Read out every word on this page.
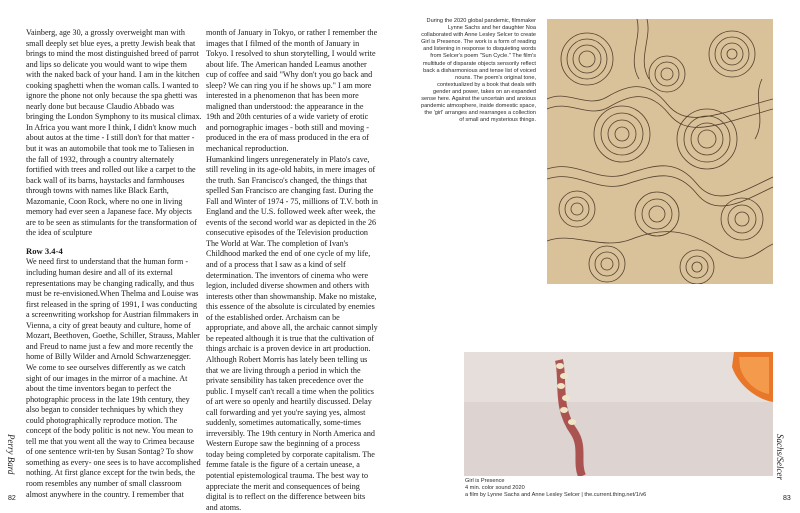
Vainberg, age 30, a grossly overweight man with small deeply set blue eyes, a pretty Jewish beak that brings to mind the most distinguished breed of parrot and lips so delicate you would want to wipe them with the naked back of your hand. I am in the kitchen cooking spaghetti when the woman calls. I wanted to ignore the phone not only because the spa ghetti was nearly done but because Claudio Abbado was bringing the London Symphony to its musical climax.

In Africa you want more I think, I didn't know much about autos at the time - I still don't for that matter - but it was an automobile that took me to Taliesen in the fall of 1932, through a country alternately fortified with trees and rolled out like a carpet to the back wall of its barns, haystacks and farmhouses through towns with names like Black Earth, Mazomanie, Coon Rock, where no one in living memory had ever seen a Japanese face. My objects are to be seen as stimulants for the transformation of the idea of sculpture

Row 3.4-4

We need first to understand that the human form - including human desire and all of its external representations may be changing radically, and thus must be re-envisioned.When Thelma and Louise was first released in the spring of 1991, I was conducting a screenwriting workshop for Austrian filmmakers in Vienna, a city of great beauty and culture, home of Mozart, Beethoven, Goethe, Schiller, Strauss, Mahler and Freud to name just a few and more recently the home of Billy Wilder and Arnold Schwarzenegger. We come to see ourselves differently as we catch sight of our images in the mirror of a machine. At about the time inventors began to perfect the photographic process in the late 19th century, they also began to consider techniques by which they could photographically reproduce motion. The concept of the body politic is not new. You mean to tell me that you went all the way to Crimea because of one sentence writ-ten by Susan Sontag? To show something as every- one sees is to have accomplished nothing. At first glance except for the twin beds, the room resembles any number of small classroom almost anywhere in the country. I remember that

month of January in Tokyo, or rather I remember the images that I filmed of the month of January in Tokyo. I resolved to shun storytelling, I would write about life. The American handed Leamus another cup of coffee and said "Why don't you go back and sleep? We can ring you if he shows up." I am more interested in a phenomenon that has been more maligned than understood: the appearance in the 19th and 20th centuries of a wide variety of erotic and pornographic images - both still and moving -produced in the era of mass produced in the era of mechanical reproduction.

Humankind lingers unregenerately in Plato's cave, still reveling in its age-old habits, in mere images of the truth. San Francisco's changed, the things that spelled San Francisco are changing fast. During the Fall and Winter of 1974 - 75, millions of T.V. both in England and the U.S. followed week after week, the events of the second world war as depicted in the 26 consecutive episodes of the Television production The World at War. The completion of Ivan's Childhood marked the end of one cycle of my life, and of a process that I saw as a kind of self determination. The inventors of cinema who were legion, included diverse showmen and others with interests other than showmanship. Make no mistake, this essence of the absolute is circulated by enemies of the established order. Archaism can be appropriate, and above all, the archaic cannot simply be repeated although it is true that the cultivation of things archaic is a proven device in art production. Although Robert Morris has lately been telling us that we are living through a period in which the private sensibility has taken precedence over the public. I myself can't recall a time when the politics of art were so openly and heartily discussed. Delay call forwarding and yet you're saying yes, almost suddenly, sometimes automatically, some-times irreversibly. The 19th century in North America and Western Europe saw the beginning of a process today being completed by corporate capitalism. The femme fatale is the figure of a certain unease, a potential epistemological trauma. The best way to appreciate the merit and consequences of being digital is to reflect on the difference between bits and atoms.

Perry Bard
82
During the 2020 global pandemic, filmmaker Lynne Sachs and her daughter Noa collaborated with Anne Lesley Selcer to create Girl is Presence. The work is a form of reading and listening in response to disquieting words from Selcer's poem "Sun Cycle." The film's multitude of disparate objects sensorily reflect back a disharmonious and tense list of voiced nouns. The poem's original tone, contextualized by a book that deals with gender and power, takes on an expanded sense here. Against the uncertain and anxious pandemic atmosphere, inside domestic space, the 'girl' arranges and rearranges a collection of small and mysterious things.
Girl is Presence
4 min. color sound 2020
a film by Lynne Sachs and Anne Lesley Selcer | the.current.thing.net/1/v6
Sachs/Selcer
83
